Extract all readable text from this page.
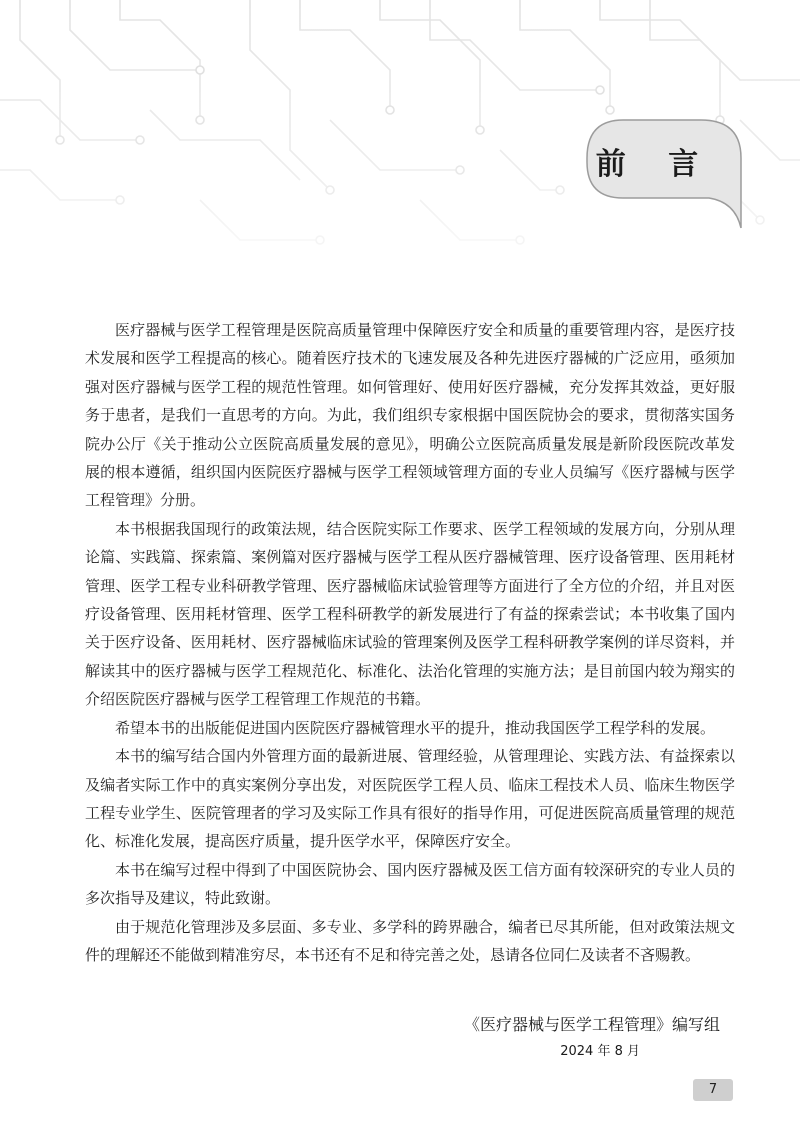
前 言

医疗器械与医学工程管理是医院高质量管理中保障医疗安全和质量的重要管理内容，是医疗技术发展和医学工程提高的核心。随着医疗技术的飞速发展及各种先进医疗器械的广泛应用，亟须加强对医疗器械与医学工程的规范性管理。如何管理好、使用好医疗器械，充分发挥其效益，更好服务于患者，是我们一直思考的方向。为此，我们组织专家根据中国医院协会的要求，贯彻落实国务院办公厅《关于推动公立医院高质量发展的意见》，明确公立医院高质量发展是新阶段医院改革发展的根本遵循，组织国内医院医疗器械与医学工程领域管理方面的专业人员编写《医疗器械与医学工程管理》分册。

本书根据我国现行的政策法规，结合医院实际工作要求、医学工程领域的发展方向，分别从理论篇、实践篇、探索篇、案例篇对医疗器械与医学工程从医疗器械管理、医疗设备管理、医用耗材管理、医学工程专业科研教学管理、医疗器械临床试验管理等方面进行了全方位的介绍，并且对医疗设备管理、医用耗材管理、医学工程科研教学的新发展进行了有益的探索尝试；本书收集了国内关于医疗设备、医用耗材、医疗器械临床试验的管理案例及医学工程科研教学案例的详尽资料，并解读其中的医疗器械与医学工程规范化、标准化、法治化管理的实施方法；是目前国内较为翔实的介绍医院医疗器械与医学工程管理工作规范的书籍。

希望本书的出版能促进国内医院医疗器械管理水平的提升，推动我国医学工程学科的发展。

本书的编写结合国内外管理方面的最新进展、管理经验，从管理理论、实践方法、有益探索以及编者实际工作中的真实案例分享出发，对医院医学工程人员、临床工程技术人员、临床生物医学工程专业学生、医院管理者的学习及实际工作具有很好的指导作用，可促进医院高质量管理的规范化、标准化发展，提高医疗质量，提升医学水平，保障医疗安全。

本书在编写过程中得到了中国医院协会、国内医疗器械及医工信方面有较深研究的专业人员的多次指导及建议，特此致谢。

由于规范化管理涉及多层面、多专业、多学科的跨界融合，编者已尽其所能，但对政策法规文件的理解还不能做到精准穷尽，本书还有不足和待完善之处，恳请各位同仁及读者不吝赐教。

《医疗器械与医学工程管理》编写组
2024 年 8 月
7
